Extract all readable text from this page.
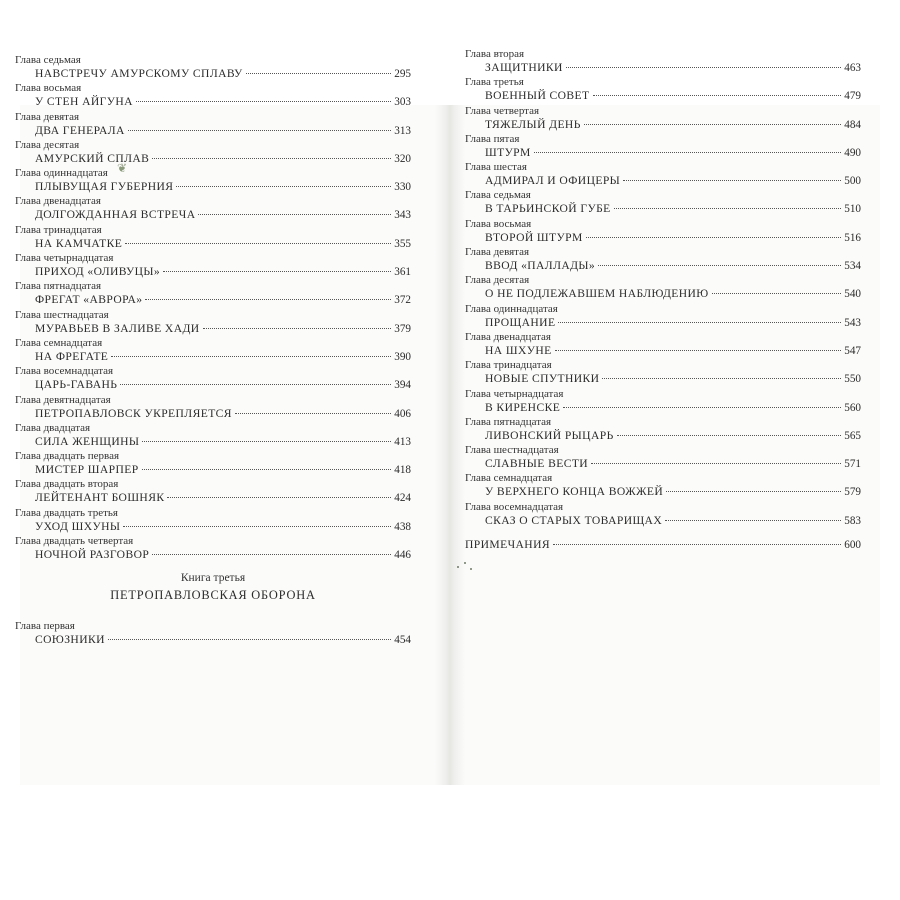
❦
Глава седьмая
НАВСТРЕЧУ АМУРСКОМУ СПЛАВУ	295
Глава восьмая
У СТЕН АЙГУНА	303
Глава девятая
ДВА ГЕНЕРАЛА	313
Глава десятая
АМУРСКИЙ СПЛАВ	320
Глава одиннадцатая
ПЛЫВУЩАЯ ГУБЕРНИЯ	330
Глава двенадцатая
ДОЛГОЖДАННАЯ ВСТРЕЧА	343
Глава тринадцатая
НА КАМЧАТКЕ	355
Глава четырнадцатая
ПРИХОД «ОЛИВУЦЫ»	361
Глава пятнадцатая
ФРЕГАТ «АВРОРА»	372
Глава шестнадцатая
МУРАВЬЕВ В ЗАЛИВЕ ХАДИ	379
Глава семнадцатая
НА ФРЕГАТЕ	390
Глава восемнадцатая
ЦАРЬ-ГАВАНЬ	394
Глава девятнадцатая
ПЕТРОПАВЛОВСК УКРЕПЛЯЕТСЯ	406
Глава двадцатая
СИЛА ЖЕНЩИНЫ	413
Глава двадцать первая
МИСТЕР ШАРПЕР	418
Глава двадцать вторая
ЛЕЙТЕНАНТ БОШНЯК	424
Глава двадцать третья
УХОД ШХУНЫ	438
Глава двадцать четвертая
НОЧНОЙ РАЗГОВОР	446
Книга третья
ПЕТРОПАВЛОВСКАЯ ОБОРОНА
Глава первая
СОЮЗНИКИ	454
Глава вторая
ЗАЩИТНИКИ	463
Глава третья
ВОЕННЫЙ СОВЕТ	479
Глава четвертая
ТЯЖЕЛЫЙ ДЕНЬ	484
Глава пятая
ШТУРМ	490
Глава шестая
АДМИРАЛ И ОФИЦЕРЫ	500
Глава седьмая
В ТАРЬИНСКОЙ ГУБЕ	510
Глава восьмая
ВТОРОЙ ШТУРМ	516
Глава девятая
ВВОД «ПАЛЛАДЫ»	534
Глава десятая
О НЕ ПОДЛЕЖАВШЕМ НАБЛЮДЕНИЮ	540
Глава одиннадцатая
ПРОЩАНИЕ	543
Глава двенадцатая
НА ШХУНЕ	547
Глава тринадцатая
НОВЫЕ СПУТНИКИ	550
Глава четырнадцатая
В КИРЕНСКЕ	560
Глава пятнадцатая
ЛИВОНСКИЙ РЫЦАРЬ	565
Глава шестнадцатая
СЛАВНЫЕ ВЕСТИ	571
Глава семнадцатая
У ВЕРХНЕГО КОНЦА ВОЖЖЕЙ	579
Глава восемнадцатая
СКАЗ О СТАРЫХ ТОВАРИЩАХ	583
ПРИМЕЧАНИЯ	600
